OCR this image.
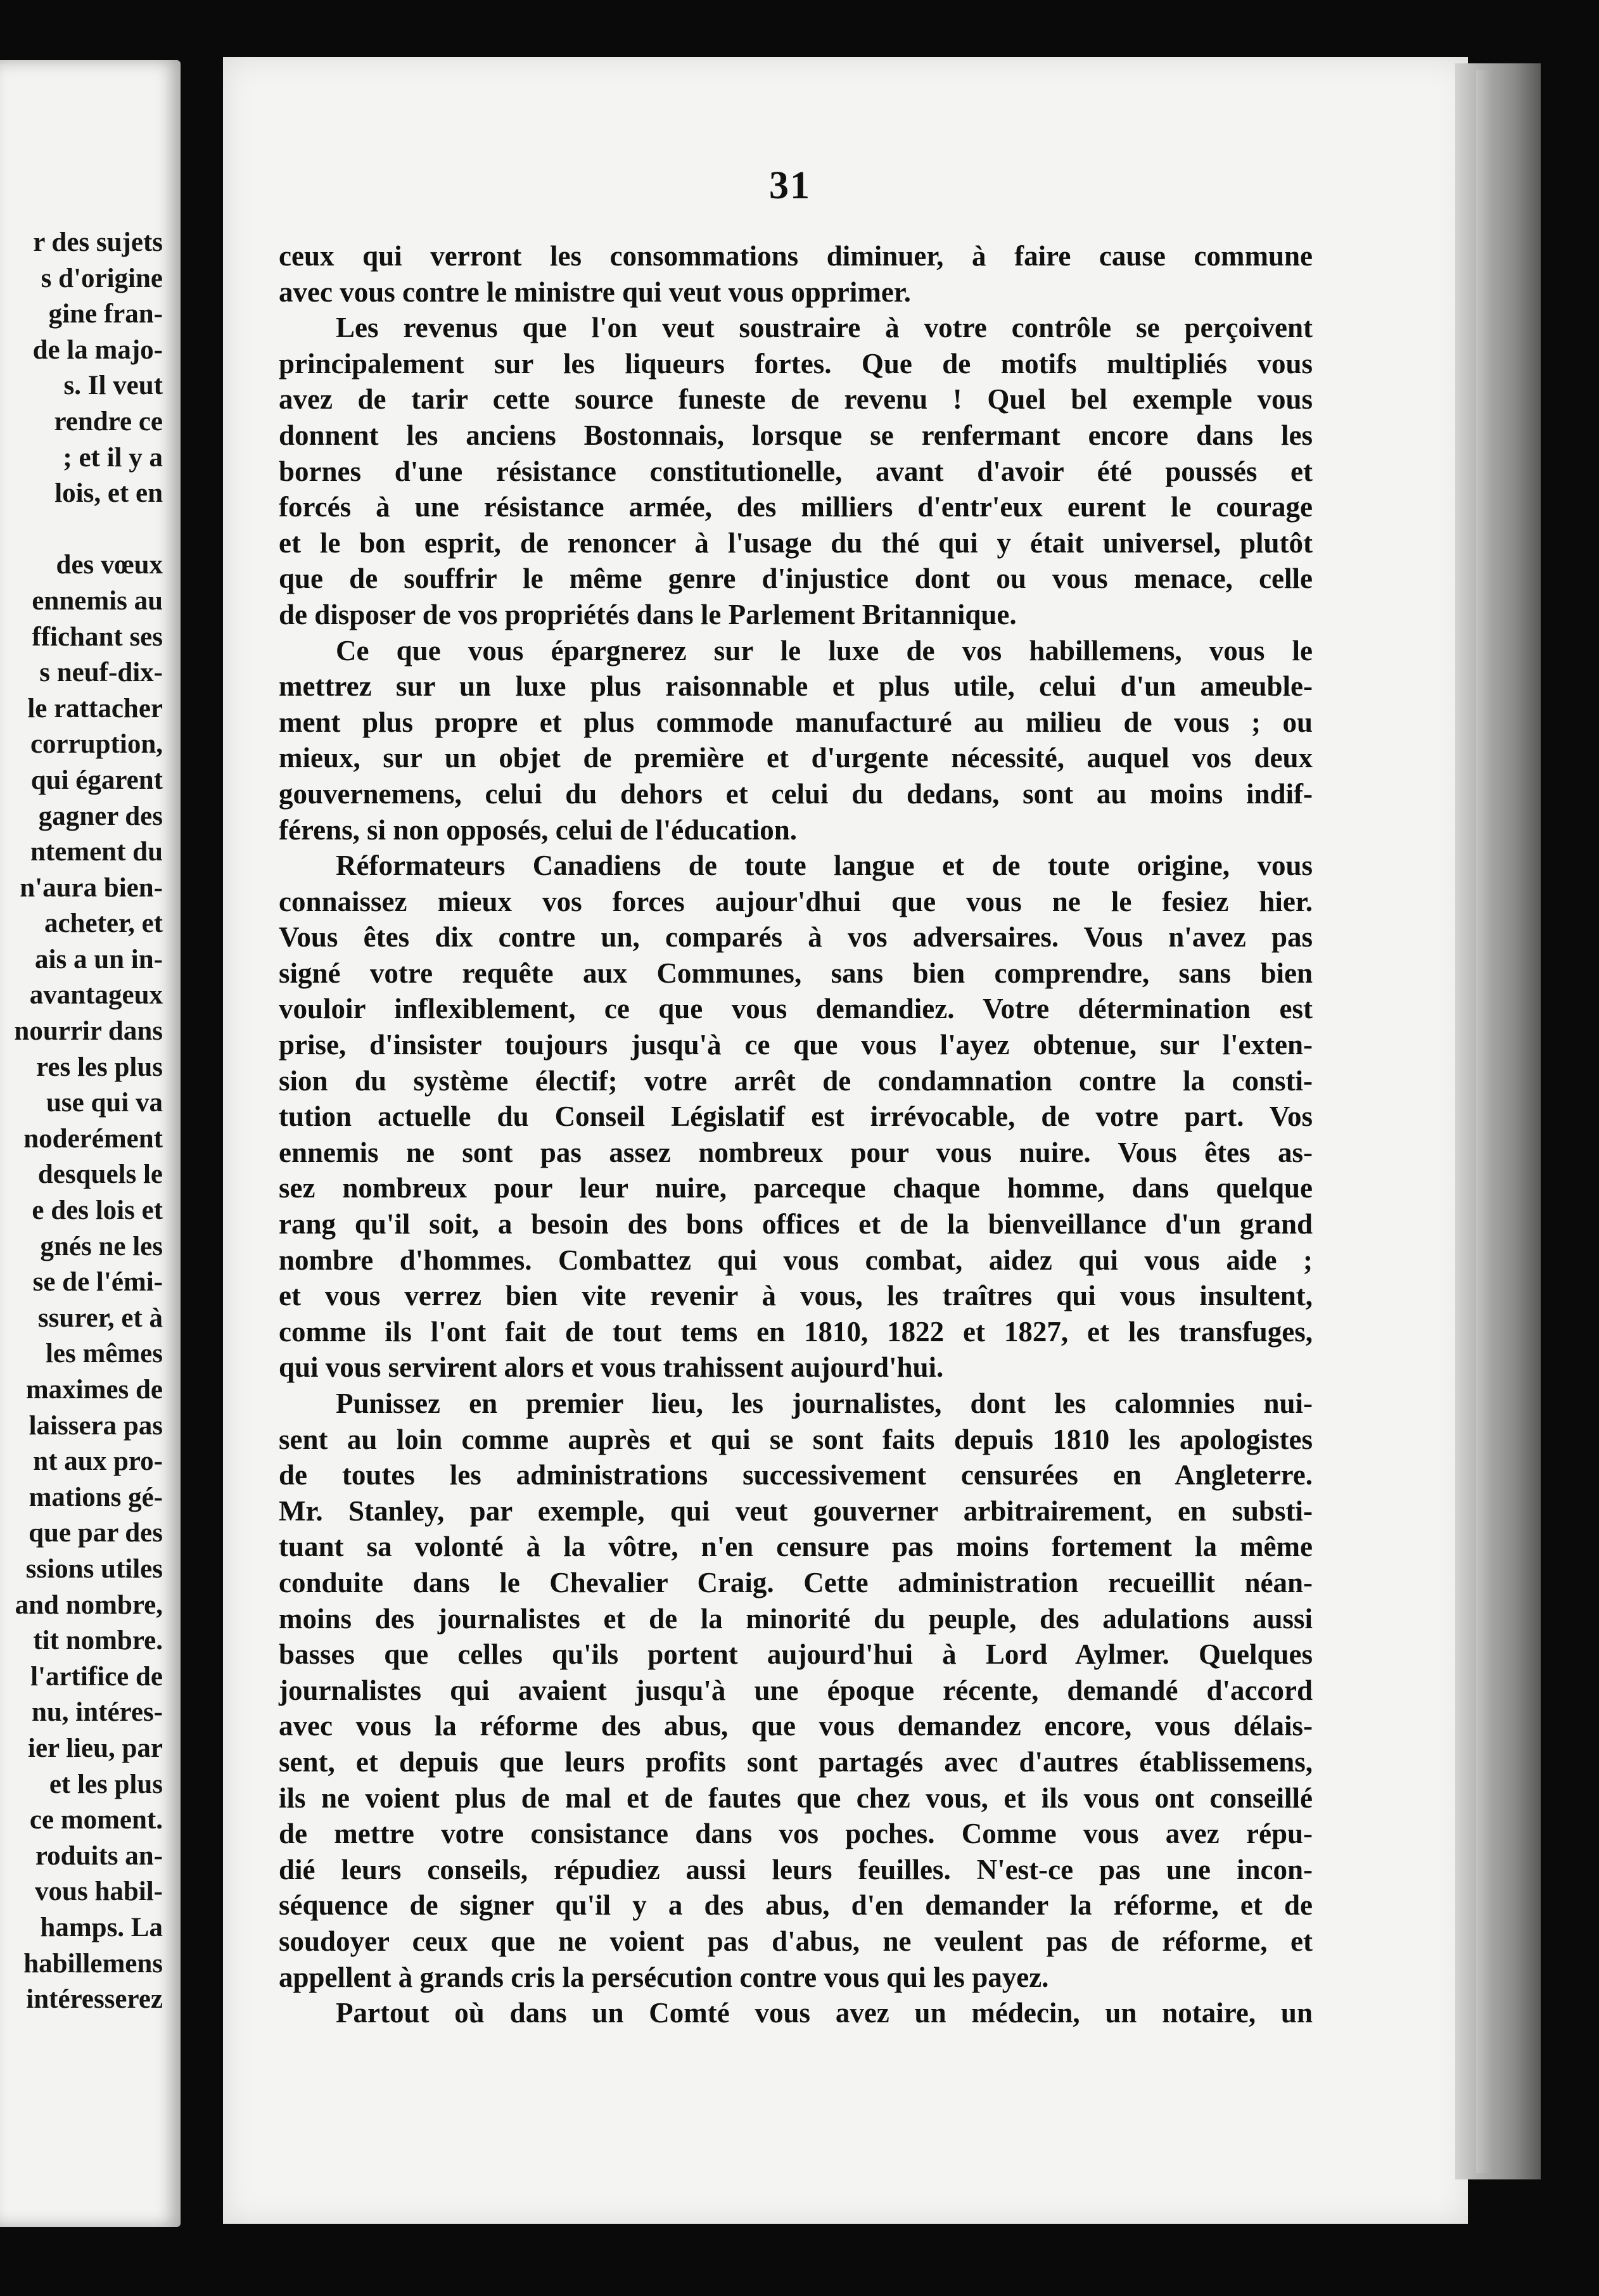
r des sujets
s d'origine
gine fran-
de la majo-
s. Il veut
rendre ce
; et il y a
lois, et en
des vœux
ennemis au
ffichant ses
s neuf-dix-
le rattacher
corruption,
qui égarent
gagner des
ntement du
n'aura bien-
acheter, et
ais a un in-
avantageux
nourrir dans
res les plus
use qui va
noderément
desquels le
e des lois et
gnés ne les
se de l'émi-
ssurer, et à
les mêmes
maximes de
laissera pas
nt aux pro-
mations gé-
que par des
ssions utiles
and nombre,
tit nombre.
l'artifice de
nu, intéres-
ier lieu, par
et les plus
ce moment.
roduits an-
vous habil-
hamps. La
habillemens
intéresserez
31
ceux qui verront les consommations diminuer, à faire cause commune
avec vous contre le ministre qui veut vous opprimer.
Les revenus que l'on veut soustraire à votre contrôle se perçoivent
principalement sur les liqueurs fortes. Que de motifs multipliés vous
avez de tarir cette source funeste de revenu ! Quel bel exemple vous
donnent les anciens Bostonnais, lorsque se renfermant encore dans les
bornes d'une résistance constitutionelle, avant d'avoir été poussés et
forcés à une résistance armée, des milliers d'entr'eux eurent le courage
et le bon esprit, de renoncer à l'usage du thé qui y était universel, plutôt
que de souffrir le même genre d'injustice dont ou vous menace, celle
de disposer de vos propriétés dans le Parlement Britannique.
Ce que vous épargnerez sur le luxe de vos habillemens, vous le
mettrez sur un luxe plus raisonnable et plus utile, celui d'un ameuble-
ment plus propre et plus commode manufacturé au milieu de vous ; ou
mieux, sur un objet de première et d'urgente nécessité, auquel vos deux
gouvernemens, celui du dehors et celui du dedans, sont au moins indif-
férens, si non opposés, celui de l'éducation.
Réformateurs Canadiens de toute langue et de toute origine, vous
connaissez mieux vos forces aujour'dhui que vous ne le fesiez hier.
Vous êtes dix contre un, comparés à vos adversaires. Vous n'avez pas
signé votre requête aux Communes, sans bien comprendre, sans bien
vouloir inflexiblement, ce que vous demandiez. Votre détermination est
prise, d'insister toujours jusqu'à ce que vous l'ayez obtenue, sur l'exten-
sion du système électif; votre arrêt de condamnation contre la consti-
tution actuelle du Conseil Législatif est irrévocable, de votre part. Vos
ennemis ne sont pas assez nombreux pour vous nuire. Vous êtes as-
sez nombreux pour leur nuire, parceque chaque homme, dans quelque
rang qu'il soit, a besoin des bons offices et de la bienveillance d'un grand
nombre d'hommes. Combattez qui vous combat, aidez qui vous aide ;
et vous verrez bien vite revenir à vous, les traîtres qui vous insultent,
comme ils l'ont fait de tout tems en 1810, 1822 et 1827, et les transfuges,
qui vous servirent alors et vous trahissent aujourd'hui.
Punissez en premier lieu, les journalistes, dont les calomnies nui-
sent au loin comme auprès et qui se sont faits depuis 1810 les apologistes
de toutes les administrations successivement censurées en Angleterre.
Mr. Stanley, par exemple, qui veut gouverner arbitrairement, en substi-
tuant sa volonté à la vôtre, n'en censure pas moins fortement la même
conduite dans le Chevalier Craig. Cette administration recueillit néan-
moins des journalistes et de la minorité du peuple, des adulations aussi
basses que celles qu'ils portent aujourd'hui à Lord Aylmer. Quelques
journalistes qui avaient jusqu'à une époque récente, demandé d'accord
avec vous la réforme des abus, que vous demandez encore, vous délais-
sent, et depuis que leurs profits sont partagés avec d'autres établissemens,
ils ne voient plus de mal et de fautes que chez vous, et ils vous ont conseillé
de mettre votre consistance dans vos poches. Comme vous avez répu-
dié leurs conseils, répudiez aussi leurs feuilles. N'est-ce pas une incon-
séquence de signer qu'il y a des abus, d'en demander la réforme, et de
soudoyer ceux que ne voient pas d'abus, ne veulent pas de réforme, et
appellent à grands cris la persécution contre vous qui les payez.
Partout où dans un Comté vous avez un médecin, un notaire, un
